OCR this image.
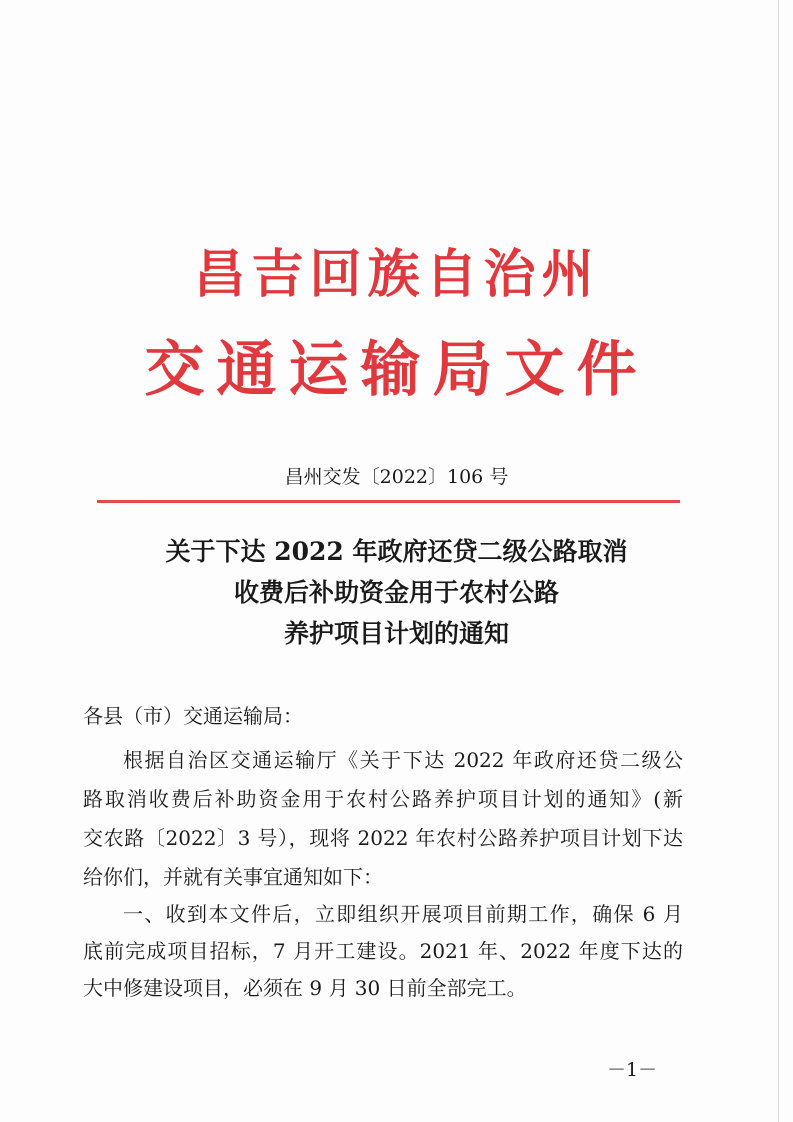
昌吉回族自治州
交通运输局文件
昌州交发〔2022〕106 号
关于下达 2022 年政府还贷二级公路取消
收费后补助资金用于农村公路
养护项目计划的通知
各县（市）交通运输局：
根据自治区交通运输厅《关于下达 2022 年政府还贷二级公
路取消收费后补助资金用于农村公路养护项目计划的通知》(新
交农路〔2022〕3 号），现将 2022 年农村公路养护项目计划下达
给你们，并就有关事宜通知如下：
一、收到本文件后，立即组织开展项目前期工作，确保 6 月
底前完成项目招标，7 月开工建设。2021 年、2022 年度下达的
大中修建设项目，必须在 9 月 30 日前全部完工。
－1－
